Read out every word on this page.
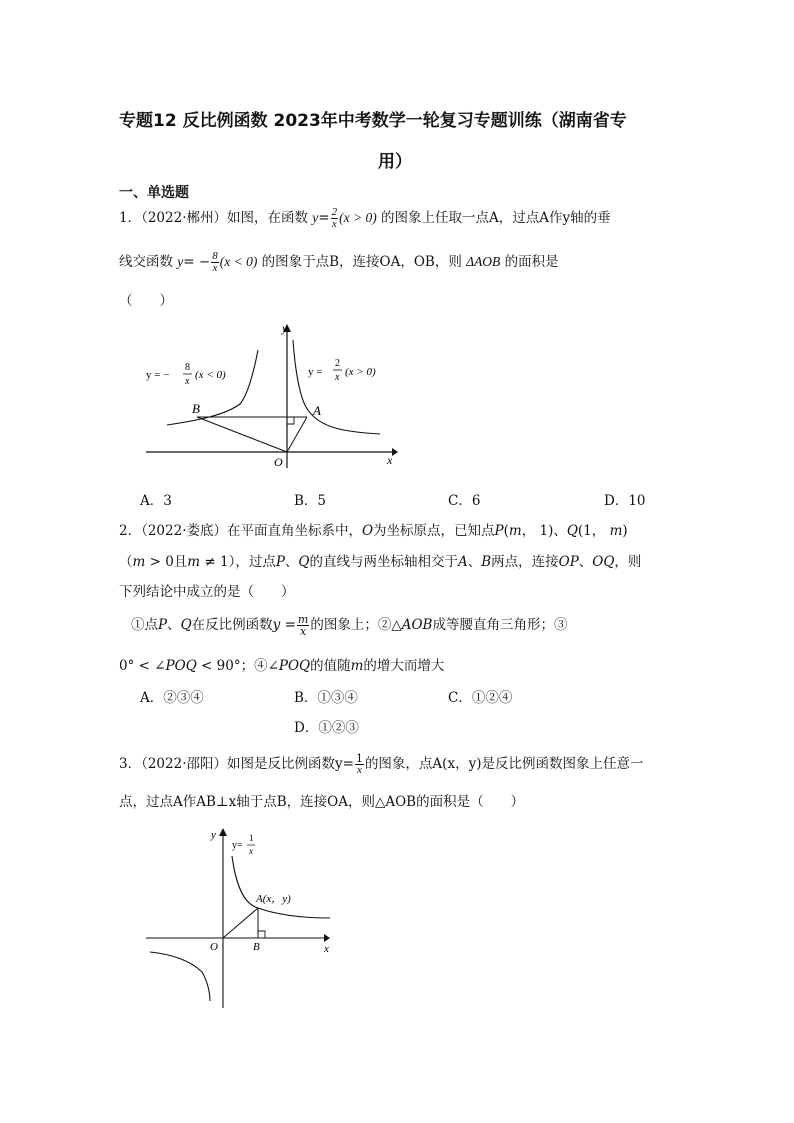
专题12 反比例函数 2023年中考数学一轮复习专题训练（湖南省专
用）
一、单选题
1．（2022·郴州）如图，在函数 $y= \frac{2}{x} (x > 0)$ 的图象上任取一点A，过点A作y轴的垂
线交函数 $y= - \frac{8}{x} (x < 0)$ 的图象于点B，连接OA，OB，则 ΔAOB 的面积是
（　　）
y
x
O
B	A
y = −
8
x
(x < 0)	y =
2
x (x > 0)
A．3	B．5	C．6	D．10
2．（2022·娄底）在平面直角坐标系中，𝑂为坐标原点，已知点𝑃(𝑚， 1)、𝑄(1， 𝑚)
（𝑚 > 0且𝑚 ≠ 1），过点𝑃、𝑄的直线与两坐标轴相交于𝐴、𝐵两点，连接𝑂𝑃、𝑂𝑄，则
下列结论中成立的是（　　）
①点𝑃、𝑄在反比例函数𝑦 = $\frac{\text{𝑚}}{\text{𝑥}}$ 的图象上；②△𝐴𝑂𝐵成等腰直角三角形；③
0° < ∠𝑃𝑂𝑄 < 90°；④∠𝑃𝑂𝑄的值随𝑚的增大而增大
A．②③④	B．①③④	C．①②④
D．①②③
3．（2022·邵阳）如图是反比例函数$y= \frac{1}{x}$ 的图象，点A(x，y)是反比例函数图象上任意一
点，过点A作AB⊥x轴于点B，连接OA，则△AOB的面积是（　　）
y
y=
1
x
A(x，y)
O	B	x
